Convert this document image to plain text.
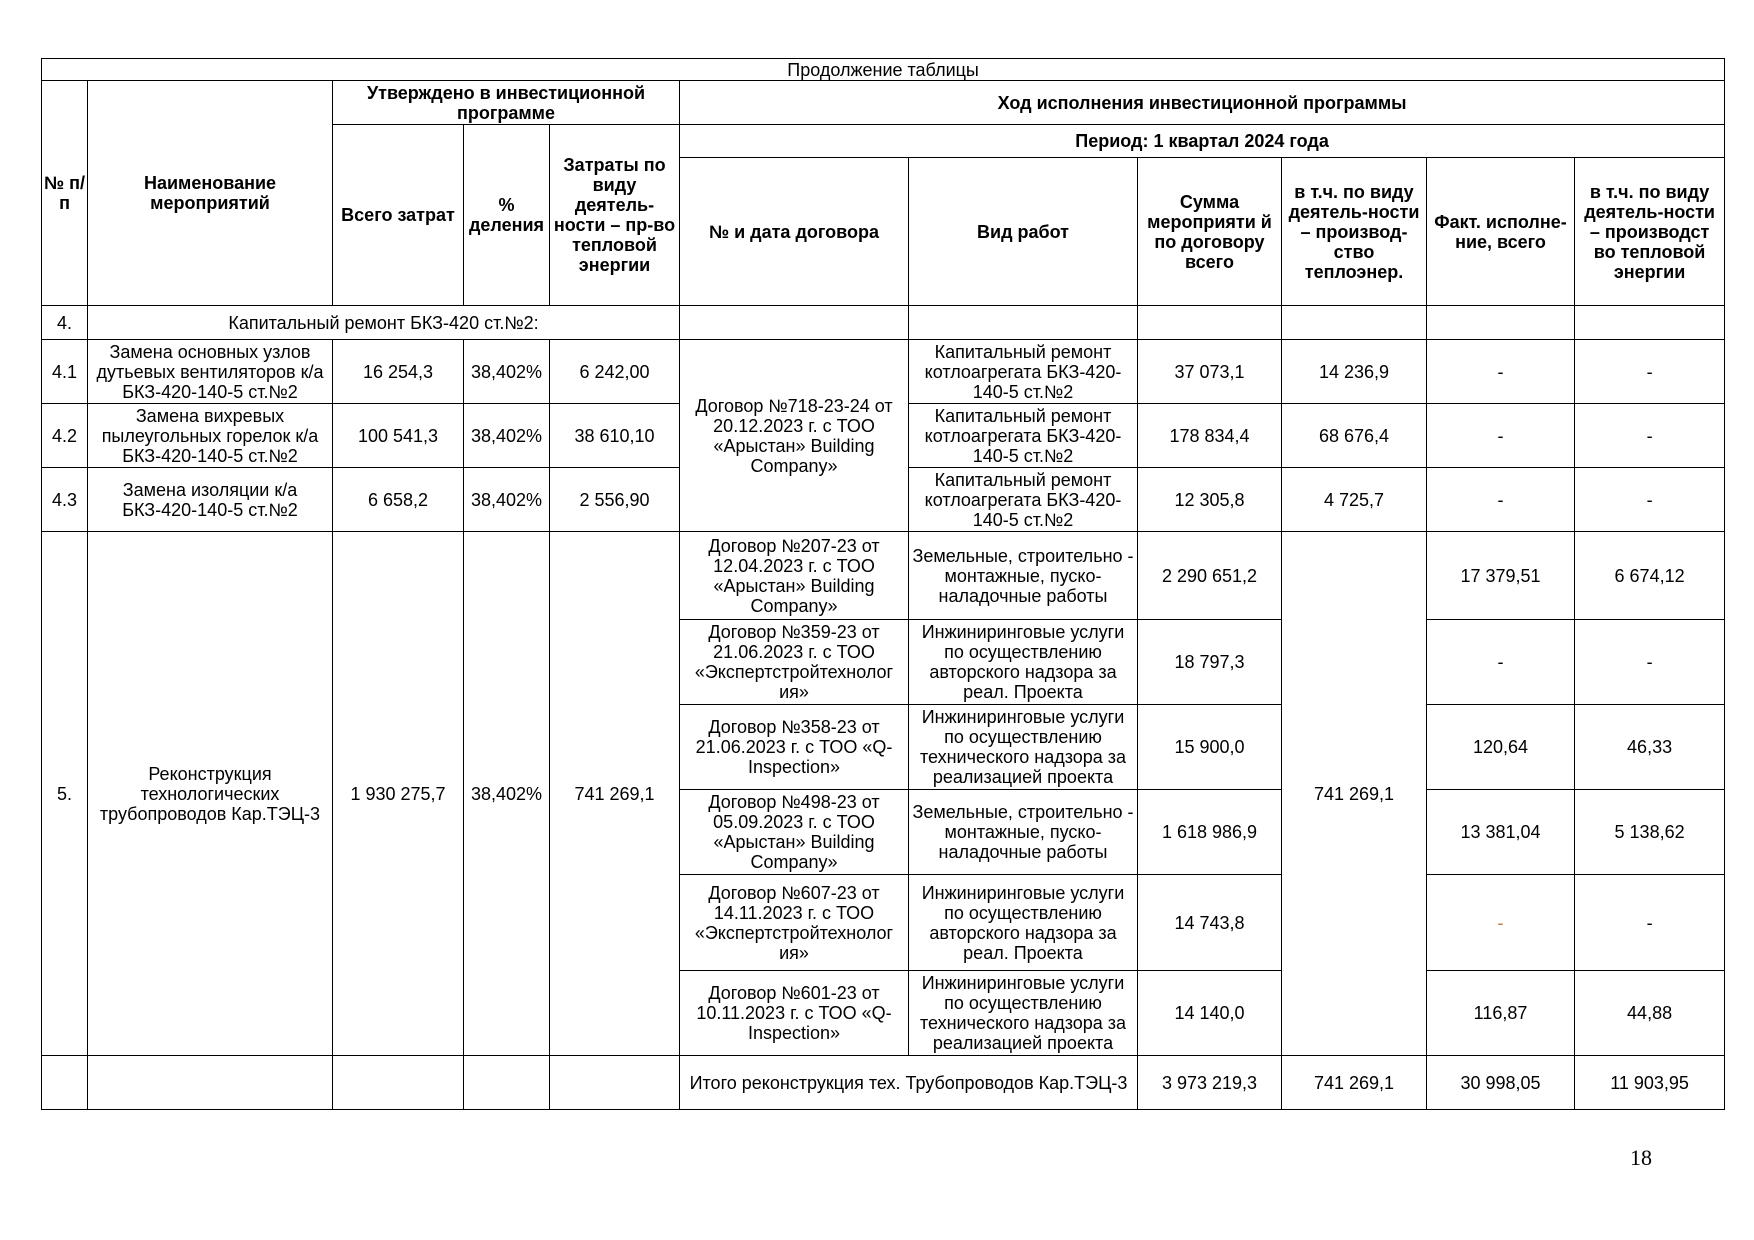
Продолжение таблицы										
№ п/п	Наименование мероприятий	Утверждено в инвестиционной программе			Ход исполнения инвестиционной программы					
		Всего затрат	% деления	Затраты по виду деятель-ности – пр-во тепловой энергии	Период: 1 квартал 2024 года					
					№ и дата договора	Вид работ	Сумма мероприяти й по договору всего	в т.ч. по виду деятель-ности – производ-ство теплоэнер.	Факт. исполне-ние, всего	в т.ч. по виду деятель-ности – производст во тепловой энергии
4.	Капитальный ремонт БКЗ-420 ст.№2:									
4.1	Замена основных узлов дутьевых вентиляторов к/а БКЗ-420-140-5 ст.№2	16 254,3	38,402%	6 242,00	Договор №718-23-24 от 20.12.2023 г. с ТОО «Арыстан» Building Company»	Капитальный ремонт котлоагрегата БКЗ-420-140-5 ст.№2	37 073,1	14 236,9	-	-
4.2	Замена вихревых пылеугольных горелок к/а БКЗ-420-140-5 ст.№2	100 541,3	38,402%	38 610,10		Капитальный ремонт котлоагрегата БКЗ-420-140-5 ст.№2	178 834,4	68 676,4	-	-
4.3	Замена изоляции к/а БКЗ-420-140-5 ст.№2	6 658,2	38,402%	2 556,90		Капитальный ремонт котлоагрегата БКЗ-420-140-5 ст.№2	12 305,8	4 725,7	-	-
5.	Реконструкция технологических трубопроводов Кар.ТЭЦ-3	1 930 275,7	38,402%	741 269,1	Договор №207-23 от 12.04.2023 г. с ТОО «Арыстан» Building Company»	Земельные, строительно - монтажные, пуско-наладочные работы	2 290 651,2	741 269,1	17 379,51	6 674,12
					Договор №359-23 от 21.06.2023 г. с ТОО «Экспертстройтехнолог ия»	Инжиниринговые услуги по осуществлению авторского надзора за реал. Проекта	18 797,3		-	-
					Договор №358-23 от 21.06.2023 г. с ТОО «Q-Inspection»	Инжиниринговые услуги по осуществлению технического надзора за реализацией проекта	15 900,0		120,64	46,33
					Договор №498-23 от 05.09.2023 г. с ТОО «Арыстан» Building Company»	Земельные, строительно - монтажные, пуско-наладочные работы	1 618 986,9		13 381,04	5 138,62
					Договор №607-23 от 14.11.2023 г. с ТОО «Экспертстройтехнолог ия»	Инжиниринговые услуги по осуществлению авторского надзора за реал. Проекта	14 743,8		-	-
					Договор №601-23 от 10.11.2023 г. с ТОО «Q-Inspection»	Инжиниринговые услуги по осуществлению технического надзора за реализацией проекта	14 140,0		116,87	44,88
					Итого реконструкция тех. Трубопроводов Кар.ТЭЦ-3		3 973 219,3	741 269,1	30 998,05	11 903,95
18
